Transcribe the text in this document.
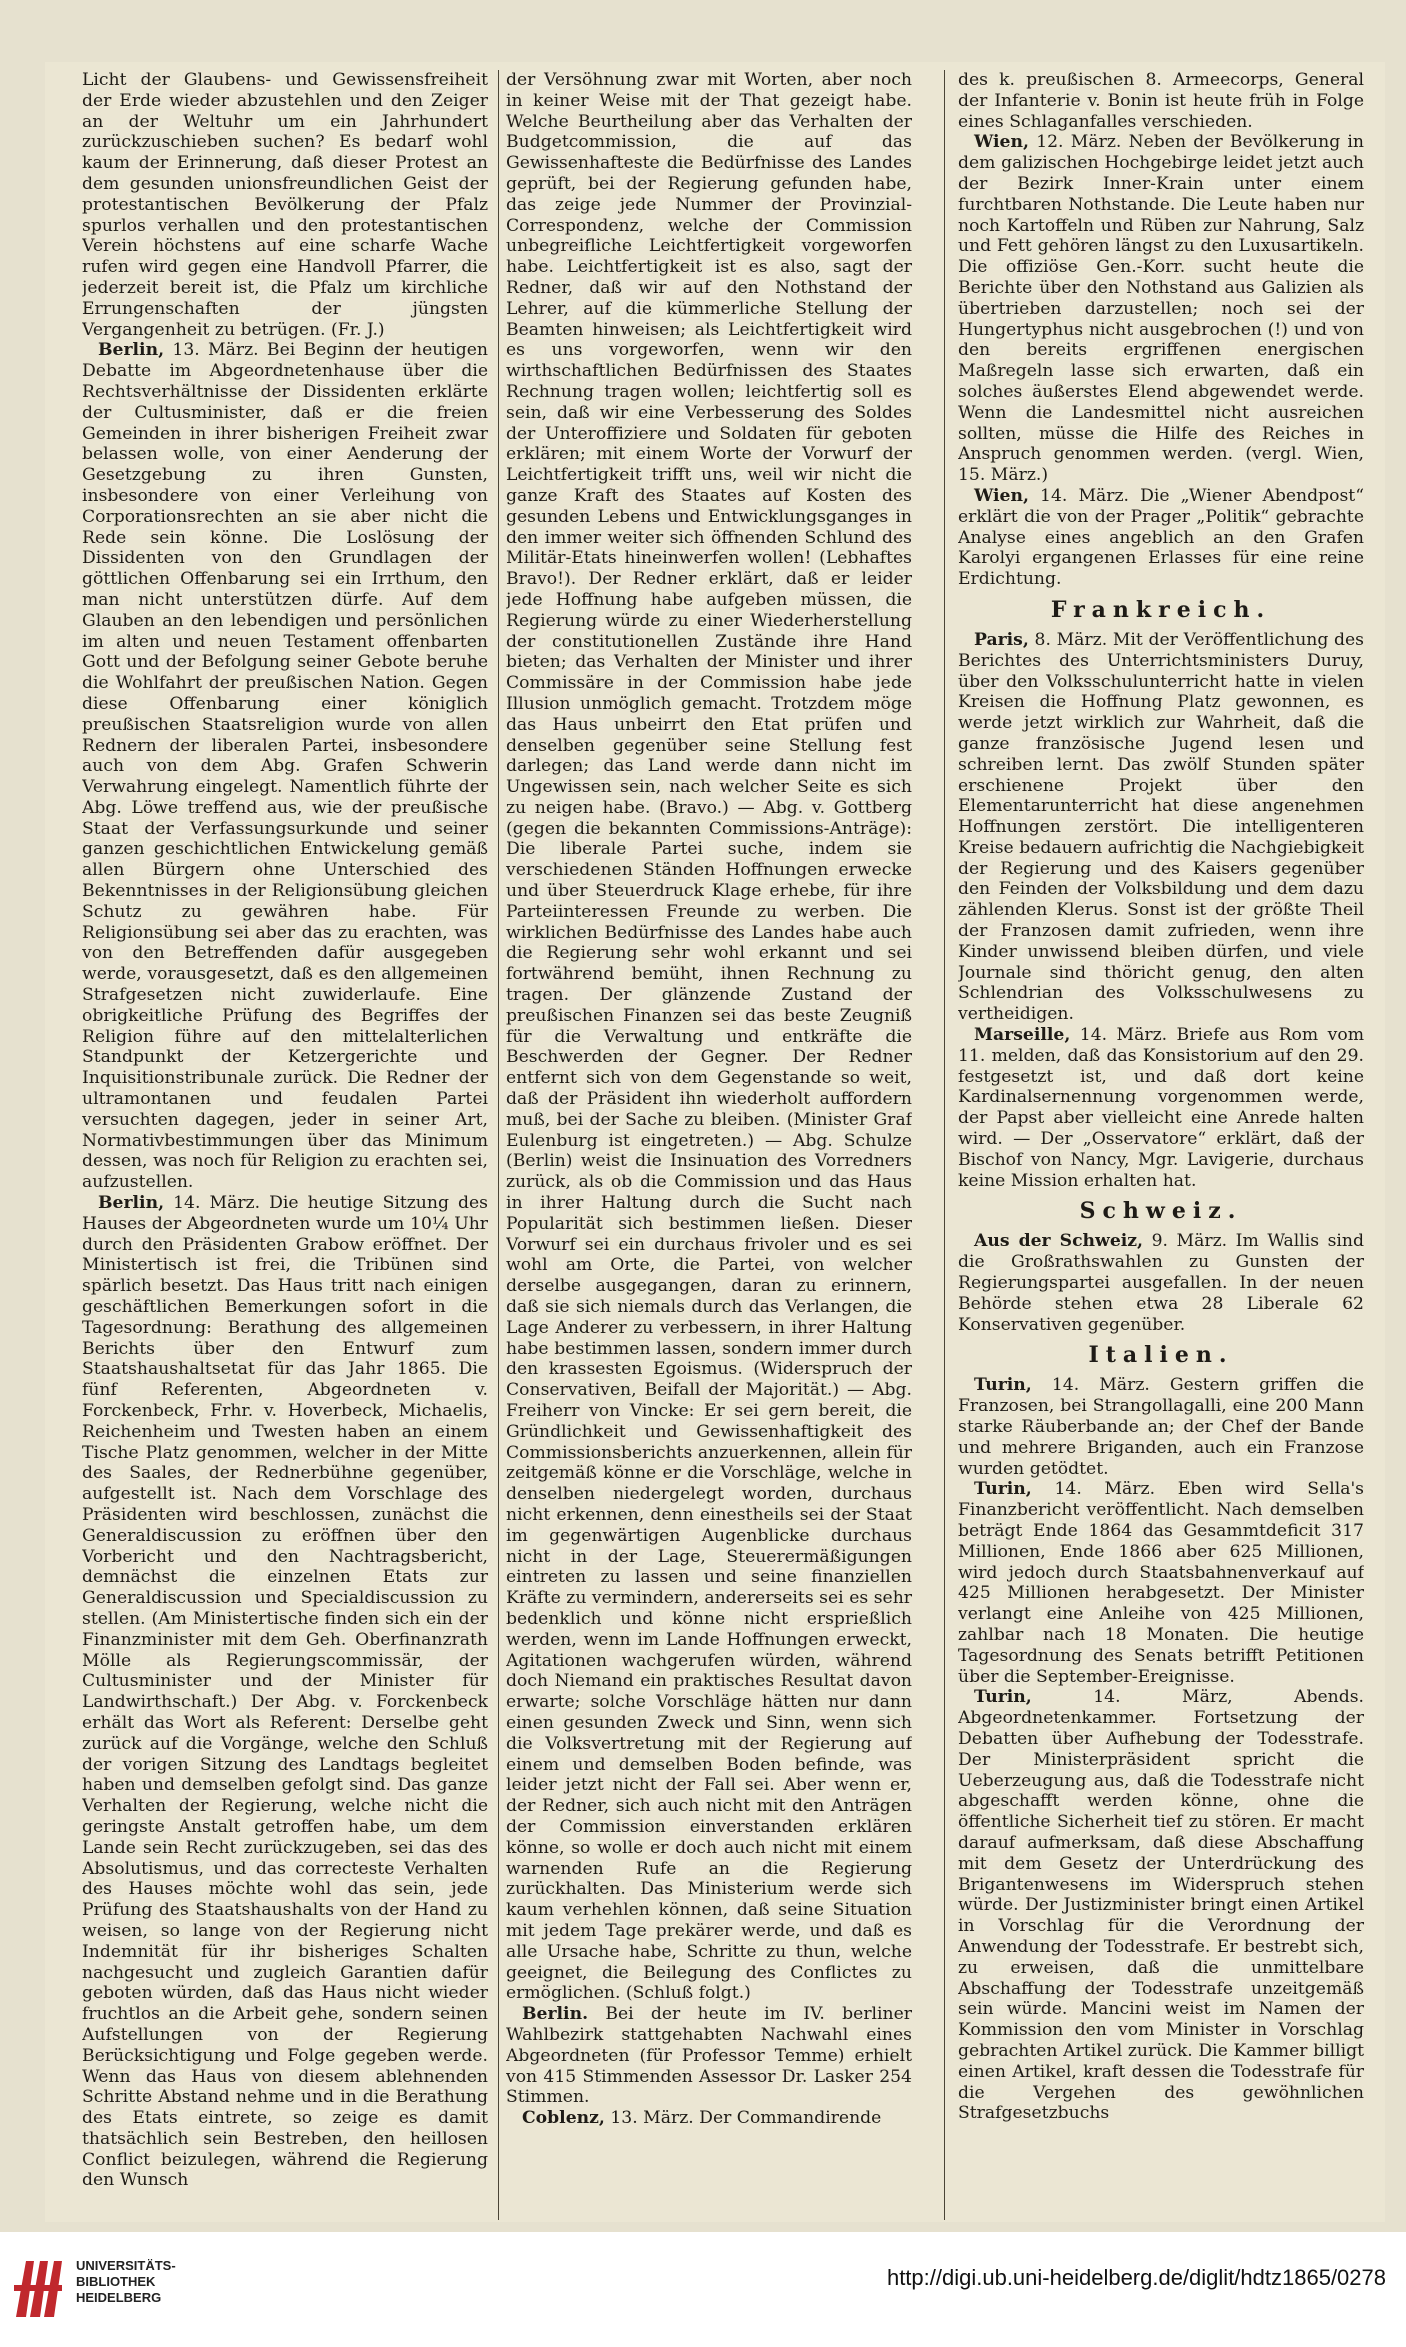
Licht der Glaubens- und Gewissensfreiheit der Erde wieder abzustehlen und den Zeiger an der Weltuhr um ein Jahrhundert zurückzuschieben suchen? Es bedarf wohl kaum der Erinnerung, daß dieser Protest an dem gesunden unionsfreundlichen Geist der protestantischen Bevölkerung der Pfalz spurlos verhallen und den protestantischen Verein höchstens auf eine scharfe Wache rufen wird gegen eine Handvoll Pfarrer, die jederzeit bereit ist, die Pfalz um kirchliche Errungenschaften der jüngsten Vergangenheit zu betrügen. (Fr. J.)

Berlin, 13. März. Bei Beginn der heutigen Debatte im Abgeordnetenhause über die Rechtsverhältnisse der Dissidenten erklärte der Cultusminister, daß er die freien Gemeinden in ihrer bisherigen Freiheit zwar belassen wolle, von einer Aenderung der Gesetzgebung zu ihren Gunsten, insbesondere von einer Verleihung von Corporationsrechten an sie aber nicht die Rede sein könne. Die Loslösung der Dissidenten von den Grundlagen der göttlichen Offenbarung sei ein Irrthum, den man nicht unterstützen dürfe. Auf dem Glauben an den lebendigen und persönlichen im alten und neuen Testament offenbarten Gott und der Befolgung seiner Gebote beruhe die Wohlfahrt der preußischen Nation. Gegen diese Offenbarung einer königlich preußischen Staatsreligion wurde von allen Rednern der liberalen Partei, insbesondere auch von dem Abg. Grafen Schwerin Verwahrung eingelegt. Namentlich führte der Abg. Löwe treffend aus, wie der preußische Staat der Verfassungsurkunde und seiner ganzen geschichtlichen Entwickelung gemäß allen Bürgern ohne Unterschied des Bekenntnisses in der Religionsübung gleichen Schutz zu gewähren habe. Für Religionsübung sei aber das zu erachten, was von den Betreffenden dafür ausgegeben werde, vorausgesetzt, daß es den allgemeinen Strafgesetzen nicht zuwiderlaufe. Eine obrigkeitliche Prüfung des Begriffes der Religion führe auf den mittelalterlichen Standpunkt der Ketzergerichte und Inquisitionstribunale zurück. Die Redner der ultramontanen und feudalen Partei versuchten dagegen, jeder in seiner Art, Normativbestimmungen über das Minimum dessen, was noch für Religion zu erachten sei, aufzustellen.

Berlin, 14. März. Die heutige Sitzung des Hauses der Abgeordneten wurde um 10¼ Uhr durch den Präsidenten Grabow eröffnet. Der Ministertisch ist frei, die Tribünen sind spärlich besetzt. Das Haus tritt nach einigen geschäftlichen Bemerkungen sofort in die Tagesordnung: Berathung des allgemeinen Berichts über den Entwurf zum Staatshaushaltsetat für das Jahr 1865. Die fünf Referenten, Abgeordneten v. Forckenbeck, Frhr. v. Hoverbeck, Michaelis, Reichenheim und Twesten haben an einem Tische Platz genommen, welcher in der Mitte des Saales, der Rednerbühne gegenüber, aufgestellt ist. Nach dem Vorschlage des Präsidenten wird beschlossen, zunächst die Generaldiscussion zu eröffnen über den Vorbericht und den Nachtragsbericht, demnächst die einzelnen Etats zur Generaldiscussion und Specialdiscussion zu stellen. (Am Ministertische finden sich ein der Finanzminister mit dem Geh. Oberfinanzrath Mölle als Regierungscommissär, der Cultusminister und der Minister für Landwirthschaft.) Der Abg. v. Forckenbeck erhält das Wort als Referent: Derselbe geht zurück auf die Vorgänge, welche den Schluß der vorigen Sitzung des Landtags begleitet haben und demselben gefolgt sind. Das ganze Verhalten der Regierung, welche nicht die geringste Anstalt getroffen habe, um dem Lande sein Recht zurückzugeben, sei das des Absolutismus, und das correcteste Verhalten des Hauses möchte wohl das sein, jede Prüfung des Staatshaushalts von der Hand zu weisen, so lange von der Regierung nicht Indemnität für ihr bisheriges Schalten nachgesucht und zugleich Garantien dafür geboten würden, daß das Haus nicht wieder fruchtlos an die Arbeit gehe, sondern seinen Aufstellungen von der Regierung Berücksichtigung und Folge gegeben werde. Wenn das Haus von diesem ablehnenden Schritte Abstand nehme und in die Berathung des Etats eintrete, so zeige es damit thatsächlich sein Bestreben, den heillosen Conflict beizulegen, während die Regierung den Wunsch

der Versöhnung zwar mit Worten, aber noch in keiner Weise mit der That gezeigt habe. Welche Beurtheilung aber das Verhalten der Budgetcommission, die auf das Gewissenhafteste die Bedürfnisse des Landes geprüft, bei der Regierung gefunden habe, das zeige jede Nummer der Provinzial-Correspondenz, welche der Commission unbegreifliche Leichtfertigkeit vorgeworfen habe. Leichtfertigkeit ist es also, sagt der Redner, daß wir auf den Nothstand der Lehrer, auf die kümmerliche Stellung der Beamten hinweisen; als Leichtfertigkeit wird es uns vorgeworfen, wenn wir den wirthschaftlichen Bedürfnissen des Staates Rechnung tragen wollen; leichtfertig soll es sein, daß wir eine Verbesserung des Soldes der Unteroffiziere und Soldaten für geboten erklären; mit einem Worte der Vorwurf der Leichtfertigkeit trifft uns, weil wir nicht die ganze Kraft des Staates auf Kosten des gesunden Lebens und Entwicklungsganges in den immer weiter sich öffnenden Schlund des Militär-Etats hineinwerfen wollen! (Lebhaftes Bravo!). Der Redner erklärt, daß er leider jede Hoffnung habe aufgeben müssen, die Regierung würde zu einer Wiederherstellung der constitutionellen Zustände ihre Hand bieten; das Verhalten der Minister und ihrer Commissäre in der Commission habe jede Illusion unmöglich gemacht. Trotzdem möge das Haus unbeirrt den Etat prüfen und denselben gegenüber seine Stellung fest darlegen; das Land werde dann nicht im Ungewissen sein, nach welcher Seite es sich zu neigen habe. (Bravo.) — Abg. v. Gottberg (gegen die bekannten Commissions-Anträge): Die liberale Partei suche, indem sie verschiedenen Ständen Hoffnungen erwecke und über Steuerdruck Klage erhebe, für ihre Parteiinteressen Freunde zu werben. Die wirklichen Bedürfnisse des Landes habe auch die Regierung sehr wohl erkannt und sei fortwährend bemüht, ihnen Rechnung zu tragen. Der glänzende Zustand der preußischen Finanzen sei das beste Zeugniß für die Verwaltung und entkräfte die Beschwerden der Gegner. Der Redner entfernt sich von dem Gegenstande so weit, daß der Präsident ihn wiederholt auffordern muß, bei der Sache zu bleiben. (Minister Graf Eulenburg ist eingetreten.) — Abg. Schulze (Berlin) weist die Insinuation des Vorredners zurück, als ob die Commission und das Haus in ihrer Haltung durch die Sucht nach Popularität sich bestimmen ließen. Dieser Vorwurf sei ein durchaus frivoler und es sei wohl am Orte, die Partei, von welcher derselbe ausgegangen, daran zu erinnern, daß sie sich niemals durch das Verlangen, die Lage Anderer zu verbessern, in ihrer Haltung habe bestimmen lassen, sondern immer durch den krassesten Egoismus. (Widerspruch der Conservativen, Beifall der Majorität.) — Abg. Freiherr von Vincke: Er sei gern bereit, die Gründlichkeit und Gewissenhaftigkeit des Commissionsberichts anzuerkennen, allein für zeitgemäß könne er die Vorschläge, welche in denselben niedergelegt worden, durchaus nicht erkennen, denn einestheils sei der Staat im gegenwärtigen Augenblicke durchaus nicht in der Lage, Steuerermäßigungen eintreten zu lassen und seine finanziellen Kräfte zu vermindern, andererseits sei es sehr bedenklich und könne nicht ersprießlich werden, wenn im Lande Hoffnungen erweckt, Agitationen wachgerufen würden, während doch Niemand ein praktisches Resultat davon erwarte; solche Vorschläge hätten nur dann einen gesunden Zweck und Sinn, wenn sich die Volksvertretung mit der Regierung auf einem und demselben Boden befinde, was leider jetzt nicht der Fall sei. Aber wenn er, der Redner, sich auch nicht mit den Anträgen der Commission einverstanden erklären könne, so wolle er doch auch nicht mit einem warnenden Rufe an die Regierung zurückhalten. Das Ministerium werde sich kaum verhehlen können, daß seine Situation mit jedem Tage prekärer werde, und daß es alle Ursache habe, Schritte zu thun, welche geeignet, die Beilegung des Conflictes zu ermöglichen. (Schluß folgt.)

Berlin. Bei der heute im IV. berliner Wahlbezirk stattgehabten Nachwahl eines Abgeordneten (für Professor Temme) erhielt von 415 Stimmenden Assessor Dr. Lasker 254 Stimmen.

Coblenz, 13. März. Der Commandirende

des k. preußischen 8. Armeecorps, General der Infanterie v. Bonin ist heute früh in Folge eines Schlaganfalles verschieden.

Wien, 12. März. Neben der Bevölkerung in dem galizischen Hochgebirge leidet jetzt auch der Bezirk Inner-Krain unter einem furchtbaren Nothstande. Die Leute haben nur noch Kartoffeln und Rüben zur Nahrung, Salz und Fett gehören längst zu den Luxusartikeln. Die offiziöse Gen.-Korr. sucht heute die Berichte über den Nothstand aus Galizien als übertrieben darzustellen; noch sei der Hungertyphus nicht ausgebrochen (!) und von den bereits ergriffenen energischen Maßregeln lasse sich erwarten, daß ein solches äußerstes Elend abgewendet werde. Wenn die Landesmittel nicht ausreichen sollten, müsse die Hilfe des Reiches in Anspruch genommen werden. (vergl. Wien, 15. März.)

Wien, 14. März. Die „Wiener Abendpost“ erklärt die von der Prager „Politik“ gebrachte Analyse eines angeblich an den Grafen Karolyi ergangenen Erlasses für eine reine Erdichtung.

Frankreich.

Paris, 8. März. Mit der Veröffentlichung des Berichtes des Unterrichtsministers Duruy, über den Volksschulunterricht hatte in vielen Kreisen die Hoffnung Platz gewonnen, es werde jetzt wirklich zur Wahrheit, daß die ganze französische Jugend lesen und schreiben lernt. Das zwölf Stunden später erschienene Projekt über den Elementarunterricht hat diese angenehmen Hoffnungen zerstört. Die intelligenteren Kreise bedauern aufrichtig die Nachgiebigkeit der Regierung und des Kaisers gegenüber den Feinden der Volksbildung und dem dazu zählenden Klerus. Sonst ist der größte Theil der Franzosen damit zufrieden, wenn ihre Kinder unwissend bleiben dürfen, und viele Journale sind thöricht genug, den alten Schlendrian des Volksschulwesens zu vertheidigen.

Marseille, 14. März. Briefe aus Rom vom 11. melden, daß das Konsistorium auf den 29. festgesetzt ist, und daß dort keine Kardinalsernennung vorgenommen werde, der Papst aber vielleicht eine Anrede halten wird. — Der „Osservatore“ erklärt, daß der Bischof von Nancy, Mgr. Lavigerie, durchaus keine Mission erhalten hat.

Schweiz.

Aus der Schweiz, 9. März. Im Wallis sind die Großrathswahlen zu Gunsten der Regierungspartei ausgefallen. In der neuen Behörde stehen etwa 28 Liberale 62 Konservativen gegenüber.

Italien.

Turin, 14. März. Gestern griffen die Franzosen, bei Strangollagalli, eine 200 Mann starke Räuberbande an; der Chef der Bande und mehrere Briganden, auch ein Franzose wurden getödtet.

Turin, 14. März. Eben wird Sella's Finanzbericht veröffentlicht. Nach demselben beträgt Ende 1864 das Gesammtdeficit 317 Millionen, Ende 1866 aber 625 Millionen, wird jedoch durch Staatsbahnenverkauf auf 425 Millionen herabgesetzt. Der Minister verlangt eine Anleihe von 425 Millionen, zahlbar nach 18 Monaten. Die heutige Tagesordnung des Senats betrifft Petitionen über die September-Ereignisse.

Turin, 14. März, Abends. Abgeordnetenkammer. Fortsetzung der Debatten über Aufhebung der Todesstrafe. Der Ministerpräsident spricht die Ueberzeugung aus, daß die Todesstrafe nicht abgeschafft werden könne, ohne die öffentliche Sicherheit tief zu stören. Er macht darauf aufmerksam, daß diese Abschaffung mit dem Gesetz der Unterdrückung des Brigantenwesens im Widerspruch stehen würde. Der Justizminister bringt einen Artikel in Vorschlag für die Verordnung der Anwendung der Todesstrafe. Er bestrebt sich, zu erweisen, daß die unmittelbare Abschaffung der Todesstrafe unzeitgemäß sein würde. Mancini weist im Namen der Kommission den vom Minister in Vorschlag gebrachten Artikel zurück. Die Kammer billigt einen Artikel, kraft dessen die Todesstrafe für die Vergehen des gewöhnlichen Strafgesetzbuchs

UNIVERSITÄTS-
BIBLIOTHEK
HEIDELBERG
http://digi.ub.uni-heidelberg.de/diglit/hdtz1865/0278
